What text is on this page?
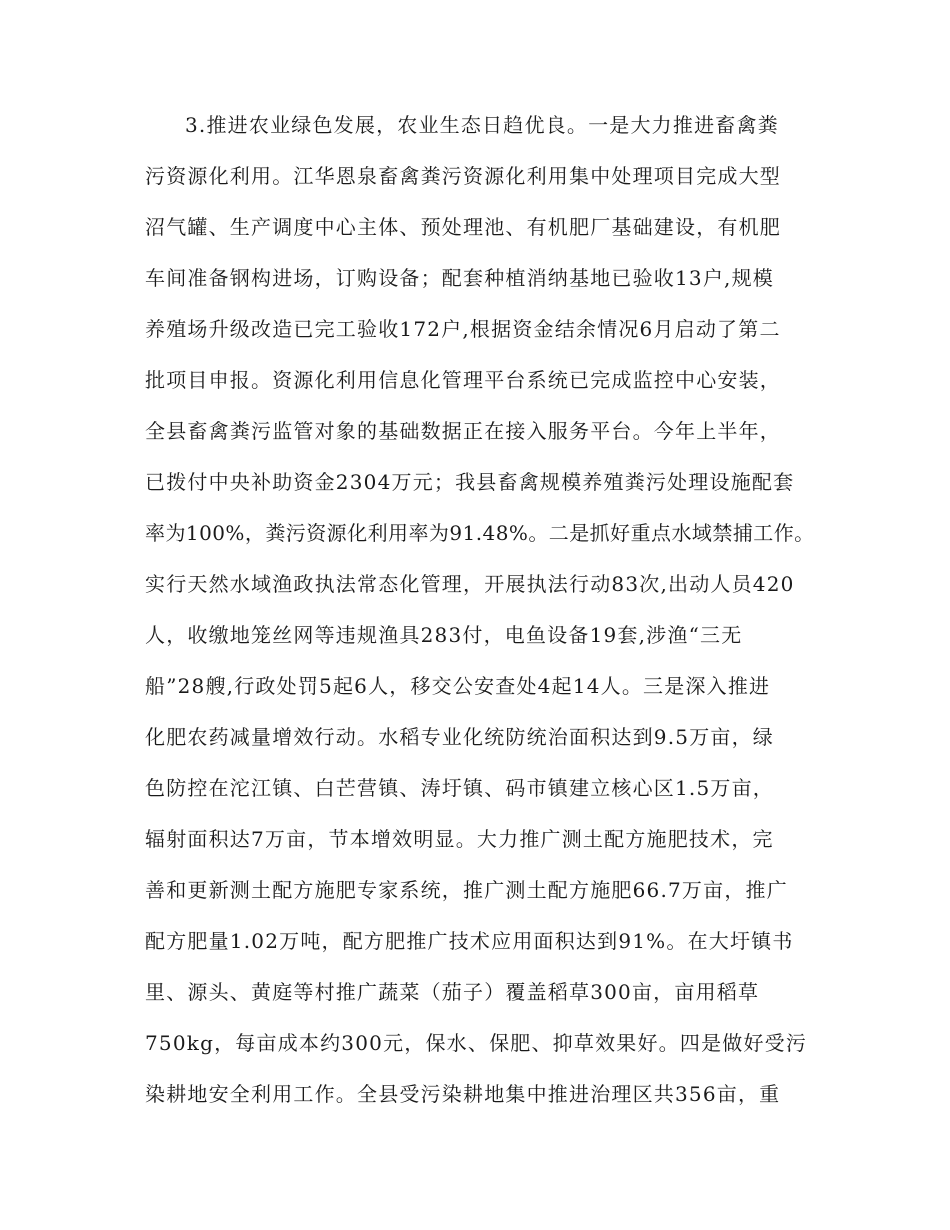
3.推进农业绿色发展，农业生态日趋优良。一是大力推进畜禽粪
污资源化利用。江华恩泉畜禽粪污资源化利用集中处理项目完成大型
沼气罐、生产调度中心主体、预处理池、有机肥厂基础建设，有机肥
车间准备钢构进场，订购设备；配套种植消纳基地已验收13户,规模
养殖场升级改造已完工验收172户,根据资金结余情况6月启动了第二
批项目申报。资源化利用信息化管理平台系统已完成监控中心安装，
全县畜禽粪污监管对象的基础数据正在接入服务平台。今年上半年，
已拨付中央补助资金2304万元；我县畜禽规模养殖粪污处理设施配套
率为100%，粪污资源化利用率为91.48%。二是抓好重点水域禁捕工作。
实行天然水域渔政执法常态化管理，开展执法行动83次,出动人员420
人，收缴地笼丝网等违规渔具283付，电鱼设备19套,涉渔“三无
船”28艘,行政处罚5起6人，移交公安查处4起14人。三是深入推进
化肥农药减量增效行动。水稻专业化统防统治面积达到9.5万亩，绿
色防控在沱江镇、白芒营镇、涛圩镇、码市镇建立核心区1.5万亩，
辐射面积达7万亩，节本增效明显。大力推广测土配方施肥技术，完
善和更新测土配方施肥专家系统，推广测土配方施肥66.7万亩，推广
配方肥量1.02万吨，配方肥推广技术应用面积达到91%。在大圩镇书
里、源头、黄庭等村推广蔬菜（茄子）覆盖稻草300亩，亩用稻草
750kg，每亩成本约300元，保水、保肥、抑草效果好。四是做好受污
染耕地安全利用工作。全县受污染耕地集中推进治理区共356亩，重
